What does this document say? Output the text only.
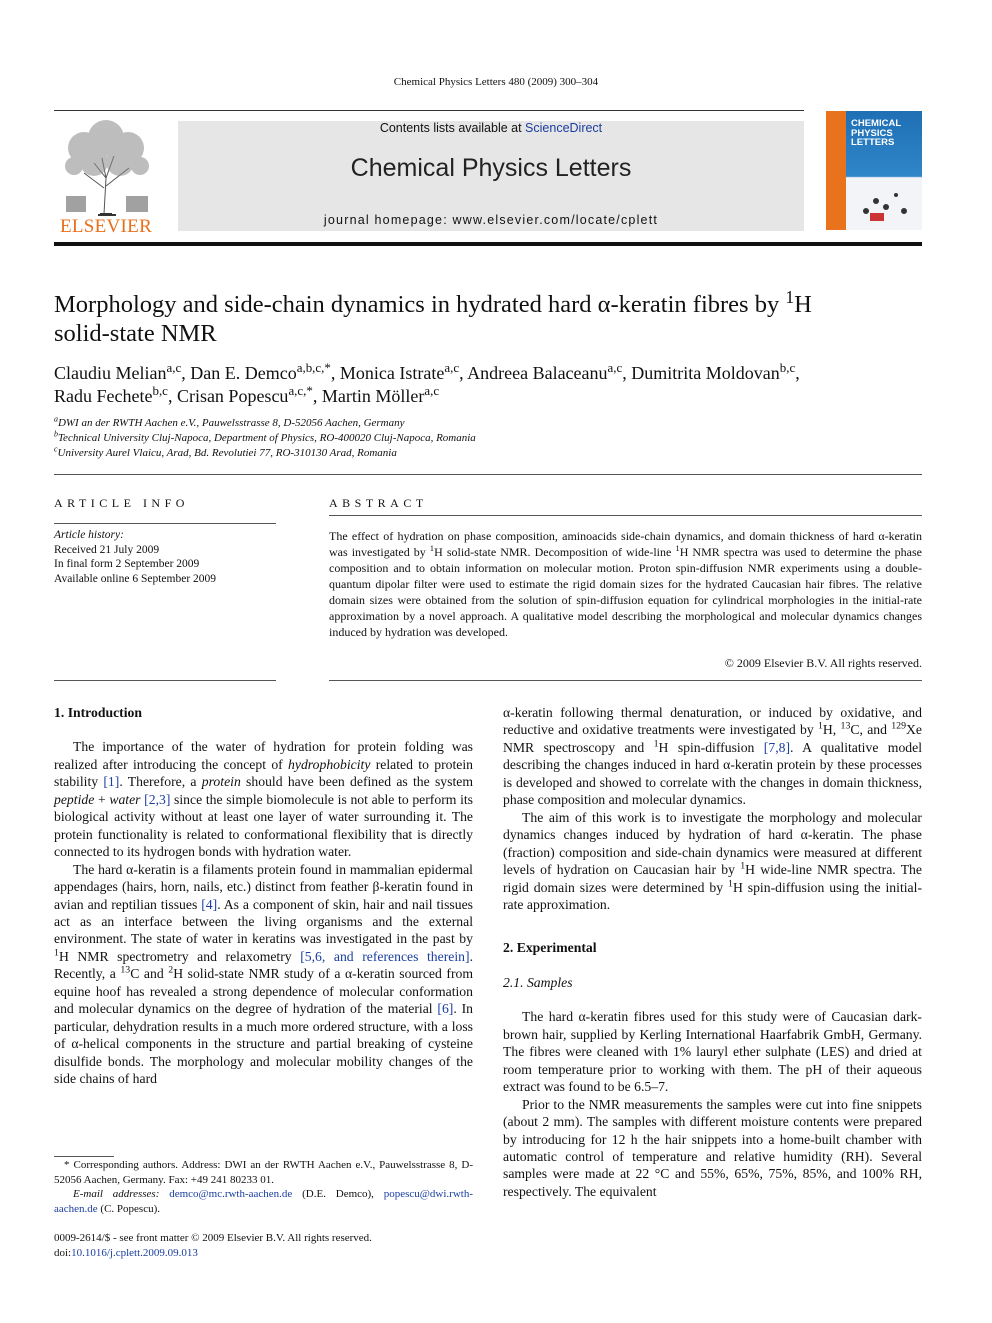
Chemical Physics Letters 480 (2009) 300–304
ELSEVIER
Contents lists available at ScienceDirect
Chemical Physics Letters
journal homepage: www.elsevier.com/locate/cplett
CHEMICAL
PHYSICS
LETTERS
Morphology and side-chain dynamics in hydrated hard α-keratin fibres by $^1$H
solid-state NMR
Claudiu Melian$^{a,c}$, Dan E. Demco$^{a,b,c,*}$, Monica Istrate$^{a,c}$, Andreea Balaceanu$^{a,c}$, Dumitrita Moldovan$^{b,c}$,
Radu Fechete$^{b,c}$, Crisan Popescu$^{a,c,*}$, Martin Möller$^{a,c}$
$^a$DWI an der RWTH Aachen e.V., Pauwelsstrasse 8, D-52056 Aachen, Germany
$^b$Technical University Cluj-Napoca, Department of Physics, RO-400020 Cluj-Napoca, Romania
$^c$University Aurel Vlaicu, Arad, Bd. Revolutiei 77, RO-310130 Arad, Romania
ARTICLE INFO
Article history:
Received 21 July 2009
In final form 2 September 2009
Available online 6 September 2009
ABSTRACT
The effect of hydration on phase composition, aminoacids side-chain dynamics, and domain thickness of hard α-keratin was investigated by $^1$H solid-state NMR. Decomposition of wide-line $^1$H NMR spectra was used to determine the phase composition and to obtain information on molecular motion. Proton spin-diffusion NMR experiments using a double-quantum dipolar filter were used to estimate the rigid domain sizes for the hydrated Caucasian hair fibres. The relative domain sizes were obtained from the solution of spin-diffusion equation for cylindrical morphologies in the initial-rate approximation by a novel approach. A qualitative model describing the morphological and molecular dynamics changes induced by hydration was developed.
© 2009 Elsevier B.V. All rights reserved.
1. Introduction

The importance of the water of hydration for protein folding was realized after introducing the concept of hydrophobicity related to protein stability [1]. Therefore, a protein should have been defined as the system peptide + water [2,3] since the simple biomolecule is not able to perform its biological activity without at least one layer of water surrounding it. The protein functionality is related to conformational flexibility that is directly connected to its hydrogen bonds with hydration water.

The hard α-keratin is a filaments protein found in mammalian epidermal appendages (hairs, horn, nails, etc.) distinct from feather β-keratin found in avian and reptilian tissues [4]. As a component of skin, hair and nail tissues act as an interface between the living organisms and the external environment. The state of water in keratins was investigated in the past by $^1$H NMR spectrometry and relaxometry [5,6, and references therein]. Recently, a $^{13}$C and $^2$H solid-state NMR study of a α-keratin sourced from equine hoof has revealed a strong dependence of molecular conformation and molecular dynamics on the degree of hydration of the material [6]. In particular, dehydration results in a much more ordered structure, with a loss of α-helical components in the structure and partial breaking of cysteine disulfide bonds. The morphology and molecular mobility changes of the side chains of hard

α-keratin following thermal denaturation, or induced by oxidative, and reductive and oxidative treatments were investigated by $^1$H, $^{13}$C, and $^{129}$Xe NMR spectroscopy and $^1$H spin-diffusion [7,8]. A qualitative model describing the changes induced in hard α-keratin protein by these processes is developed and showed to correlate with the changes in domain thickness, phase composition and molecular dynamics.

The aim of this work is to investigate the morphology and molecular dynamics changes induced by hydration of hard α-keratin. The phase (fraction) composition and side-chain dynamics were measured at different levels of hydration on Caucasian hair by $^1$H wide-line NMR spectra. The rigid domain sizes were determined by $^1$H spin-diffusion using the initial-rate approximation.

2. Experimental
2.1. Samples

The hard α-keratin fibres used for this study were of Caucasian dark-brown hair, supplied by Kerling International Haarfabrik GmbH, Germany. The fibres were cleaned with 1% lauryl ether sulphate (LES) and dried at room temperature prior to working with them. The pH of their aqueous extract was found to be 6.5–7.

Prior to the NMR measurements the samples were cut into fine snippets (about 2 mm). The samples with different moisture contents were prepared by introducing for 12 h the hair snippets into a home-built chamber with automatic control of temperature and relative humidity (RH). Several samples were made at 22 °C and 55%, 65%, 75%, 85%, and 100% RH, respectively. The equivalent

* Corresponding authors. Address: DWI an der RWTH Aachen e.V., Pauwelsstrasse 8, D-52056 Aachen, Germany. Fax: +49 241 80233 01.
E-mail addresses: demco@mc.rwth-aachen.de (D.E. Demco), popescu@dwi.rwth-aachen.de (C. Popescu).
0009-2614/$ - see front matter © 2009 Elsevier B.V. All rights reserved.
doi:10.1016/j.cplett.2009.09.013
